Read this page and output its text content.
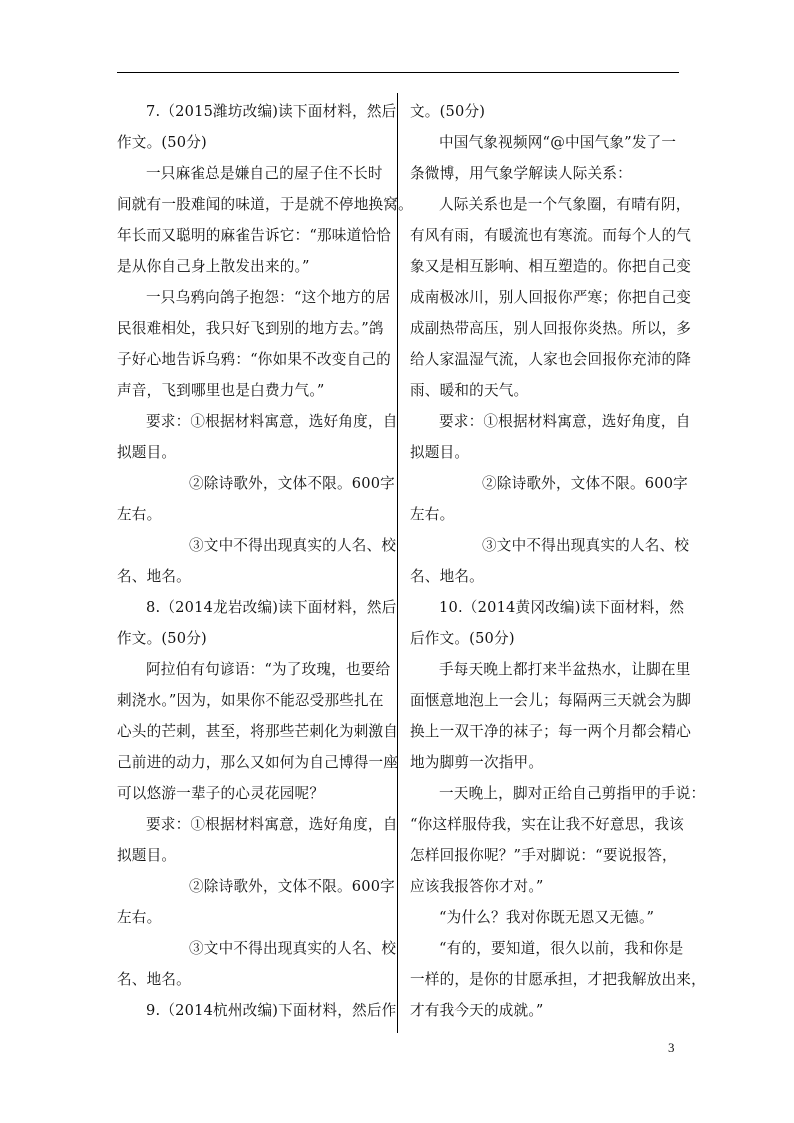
7.（2015潍坊改编)读下面材料，然后
作文。(50分)
一只麻雀总是嫌自己的屋子住不长时
间就有一股难闻的味道，于是就不停地换窝。
年长而又聪明的麻雀告诉它：“那味道恰恰
是从你自己身上散发出来的。”
一只乌鸦向鸽子抱怨：“这个地方的居
民很难相处，我只好飞到别的地方去。”鸽
子好心地告诉乌鸦：“你如果不改变自己的
声音，飞到哪里也是白费力气。”
要求：①根据材料寓意，选好角度，自
拟题目。
②除诗歌外，文体不限。600字
左右。
③文中不得出现真实的人名、校
名、地名。
8.（2014龙岩改编)读下面材料，然后
作文。(50分)
阿拉伯有句谚语：“为了玫瑰，也要给
刺浇水。”因为，如果你不能忍受那些扎在
心头的芒刺，甚至，将那些芒刺化为刺激自
己前进的动力，那么又如何为自己博得一座
可以悠游一辈子的心灵花园呢？
要求：①根据材料寓意，选好角度，自
拟题目。
②除诗歌外，文体不限。600字
左右。
③文中不得出现真实的人名、校
名、地名。
9.（2014杭州改编)下面材料，然后作
文。(50分)
中国气象视频网“@中国气象”发了一
条微博，用气象学解读人际关系：
人际关系也是一个气象圈，有晴有阴，
有风有雨，有暖流也有寒流。而每个人的气
象又是相互影响、相互塑造的。你把自己变
成南极冰川，别人回报你严寒；你把自己变
成副热带高压，别人回报你炎热。所以，多
给人家温湿气流，人家也会回报你充沛的降
雨、暖和的天气。
要求：①根据材料寓意，选好角度，自
拟题目。
②除诗歌外，文体不限。600字
左右。
③文中不得出现真实的人名、校
名、地名。
10.（2014黄冈改编)读下面材料，然
后作文。(50分)
手每天晚上都打来半盆热水，让脚在里
面惬意地泡上一会儿；每隔两三天就会为脚
换上一双干净的袜子；每一两个月都会精心
地为脚剪一次指甲。
一天晚上，脚对正给自己剪指甲的手说：
“你这样服侍我，实在让我不好意思，我该
怎样回报你呢？”手对脚说：“要说报答，
应该我报答你才对。”
“为什么？我对你既无恩又无德。”
“有的，要知道，很久以前，我和你是
一样的，是你的甘愿承担，才把我解放出来，
才有我今天的成就。”
3
